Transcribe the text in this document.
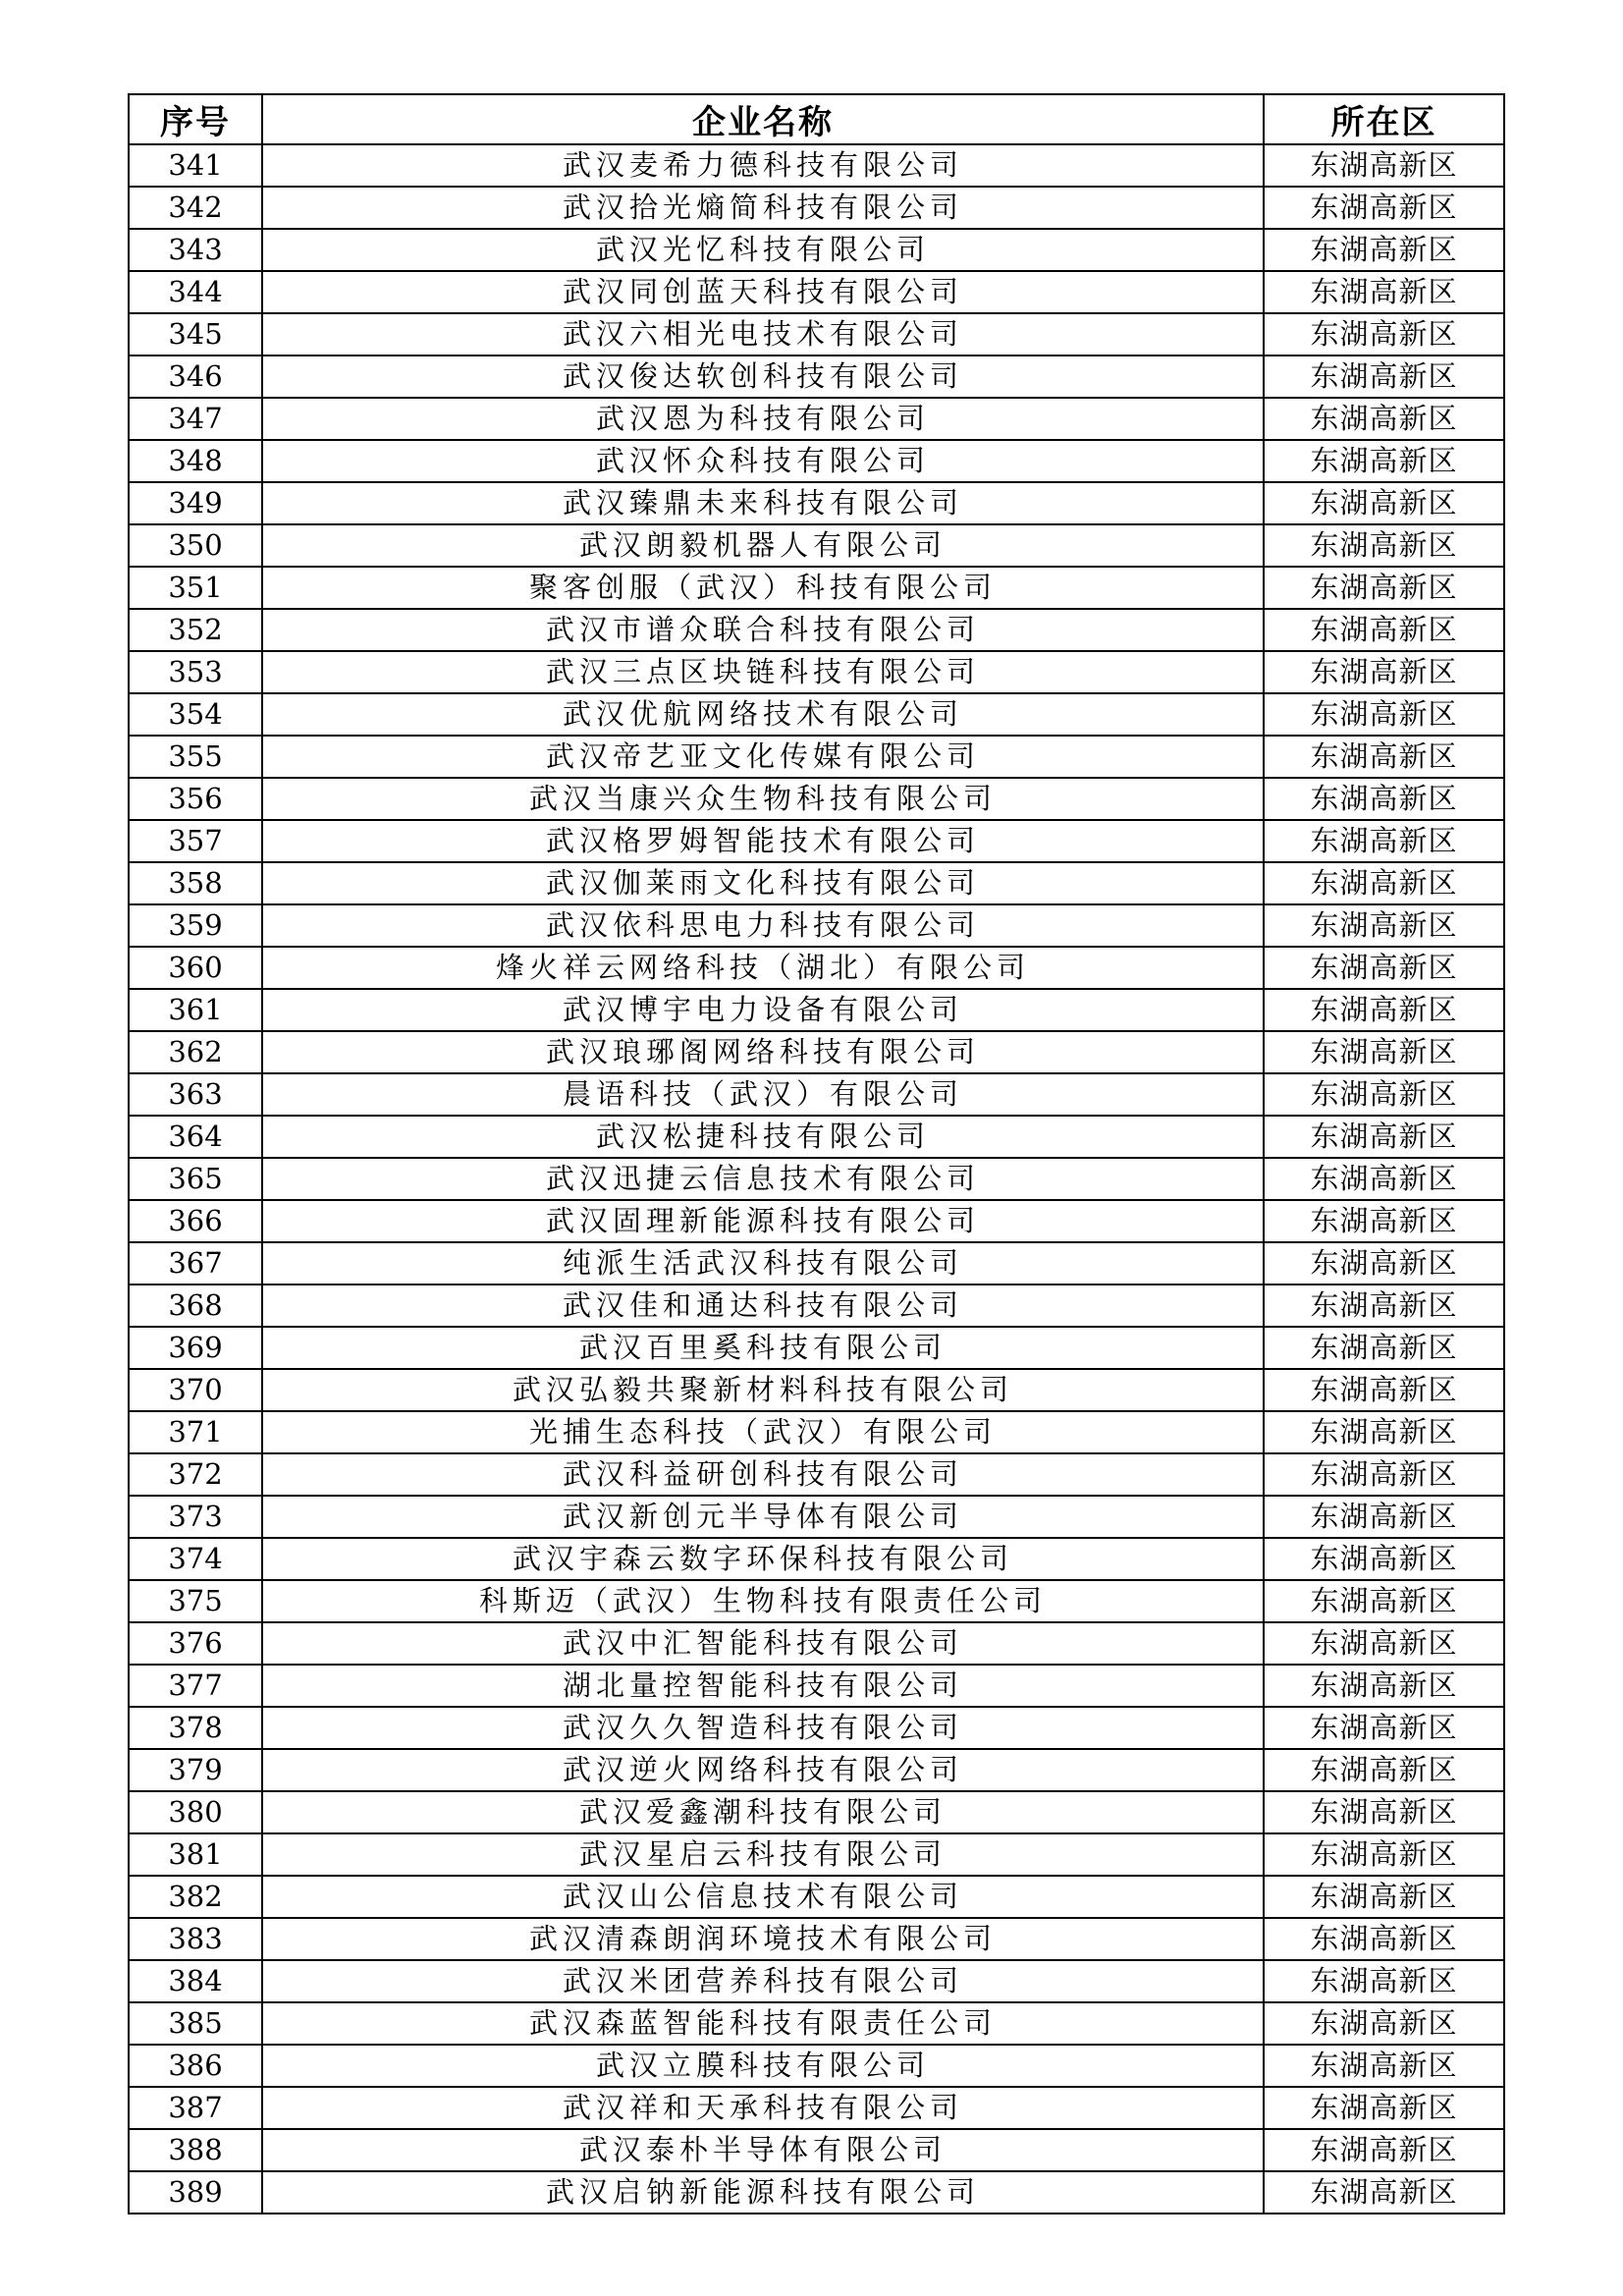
序号	企业名称	所在区
341	武汉麦希力德科技有限公司	东湖高新区
342	武汉拾光熵简科技有限公司	东湖高新区
343	武汉光忆科技有限公司	东湖高新区
344	武汉同创蓝天科技有限公司	东湖高新区
345	武汉六相光电技术有限公司	东湖高新区
346	武汉俊达软创科技有限公司	东湖高新区
347	武汉恩为科技有限公司	东湖高新区
348	武汉怀众科技有限公司	东湖高新区
349	武汉臻鼎未来科技有限公司	东湖高新区
350	武汉朗毅机器人有限公司	东湖高新区
351	聚客创服（武汉）科技有限公司	东湖高新区
352	武汉市谱众联合科技有限公司	东湖高新区
353	武汉三点区块链科技有限公司	东湖高新区
354	武汉优航网络技术有限公司	东湖高新区
355	武汉帝艺亚文化传媒有限公司	东湖高新区
356	武汉当康兴众生物科技有限公司	东湖高新区
357	武汉格罗姆智能技术有限公司	东湖高新区
358	武汉伽莱雨文化科技有限公司	东湖高新区
359	武汉依科思电力科技有限公司	东湖高新区
360	烽火祥云网络科技（湖北）有限公司	东湖高新区
361	武汉博宇电力设备有限公司	东湖高新区
362	武汉琅琊阁网络科技有限公司	东湖高新区
363	晨语科技（武汉）有限公司	东湖高新区
364	武汉松捷科技有限公司	东湖高新区
365	武汉迅捷云信息技术有限公司	东湖高新区
366	武汉固理新能源科技有限公司	东湖高新区
367	纯派生活武汉科技有限公司	东湖高新区
368	武汉佳和通达科技有限公司	东湖高新区
369	武汉百里奚科技有限公司	东湖高新区
370	武汉弘毅共聚新材料科技有限公司	东湖高新区
371	光捕生态科技（武汉）有限公司	东湖高新区
372	武汉科益研创科技有限公司	东湖高新区
373	武汉新创元半导体有限公司	东湖高新区
374	武汉宇森云数字环保科技有限公司	东湖高新区
375	科斯迈（武汉）生物科技有限责任公司	东湖高新区
376	武汉中汇智能科技有限公司	东湖高新区
377	湖北量控智能科技有限公司	东湖高新区
378	武汉久久智造科技有限公司	东湖高新区
379	武汉逆火网络科技有限公司	东湖高新区
380	武汉爱鑫潮科技有限公司	东湖高新区
381	武汉星启云科技有限公司	东湖高新区
382	武汉山公信息技术有限公司	东湖高新区
383	武汉清森朗润环境技术有限公司	东湖高新区
384	武汉米团营养科技有限公司	东湖高新区
385	武汉森蓝智能科技有限责任公司	东湖高新区
386	武汉立膜科技有限公司	东湖高新区
387	武汉祥和天承科技有限公司	东湖高新区
388	武汉泰朴半导体有限公司	东湖高新区
389	武汉启钠新能源科技有限公司	东湖高新区
